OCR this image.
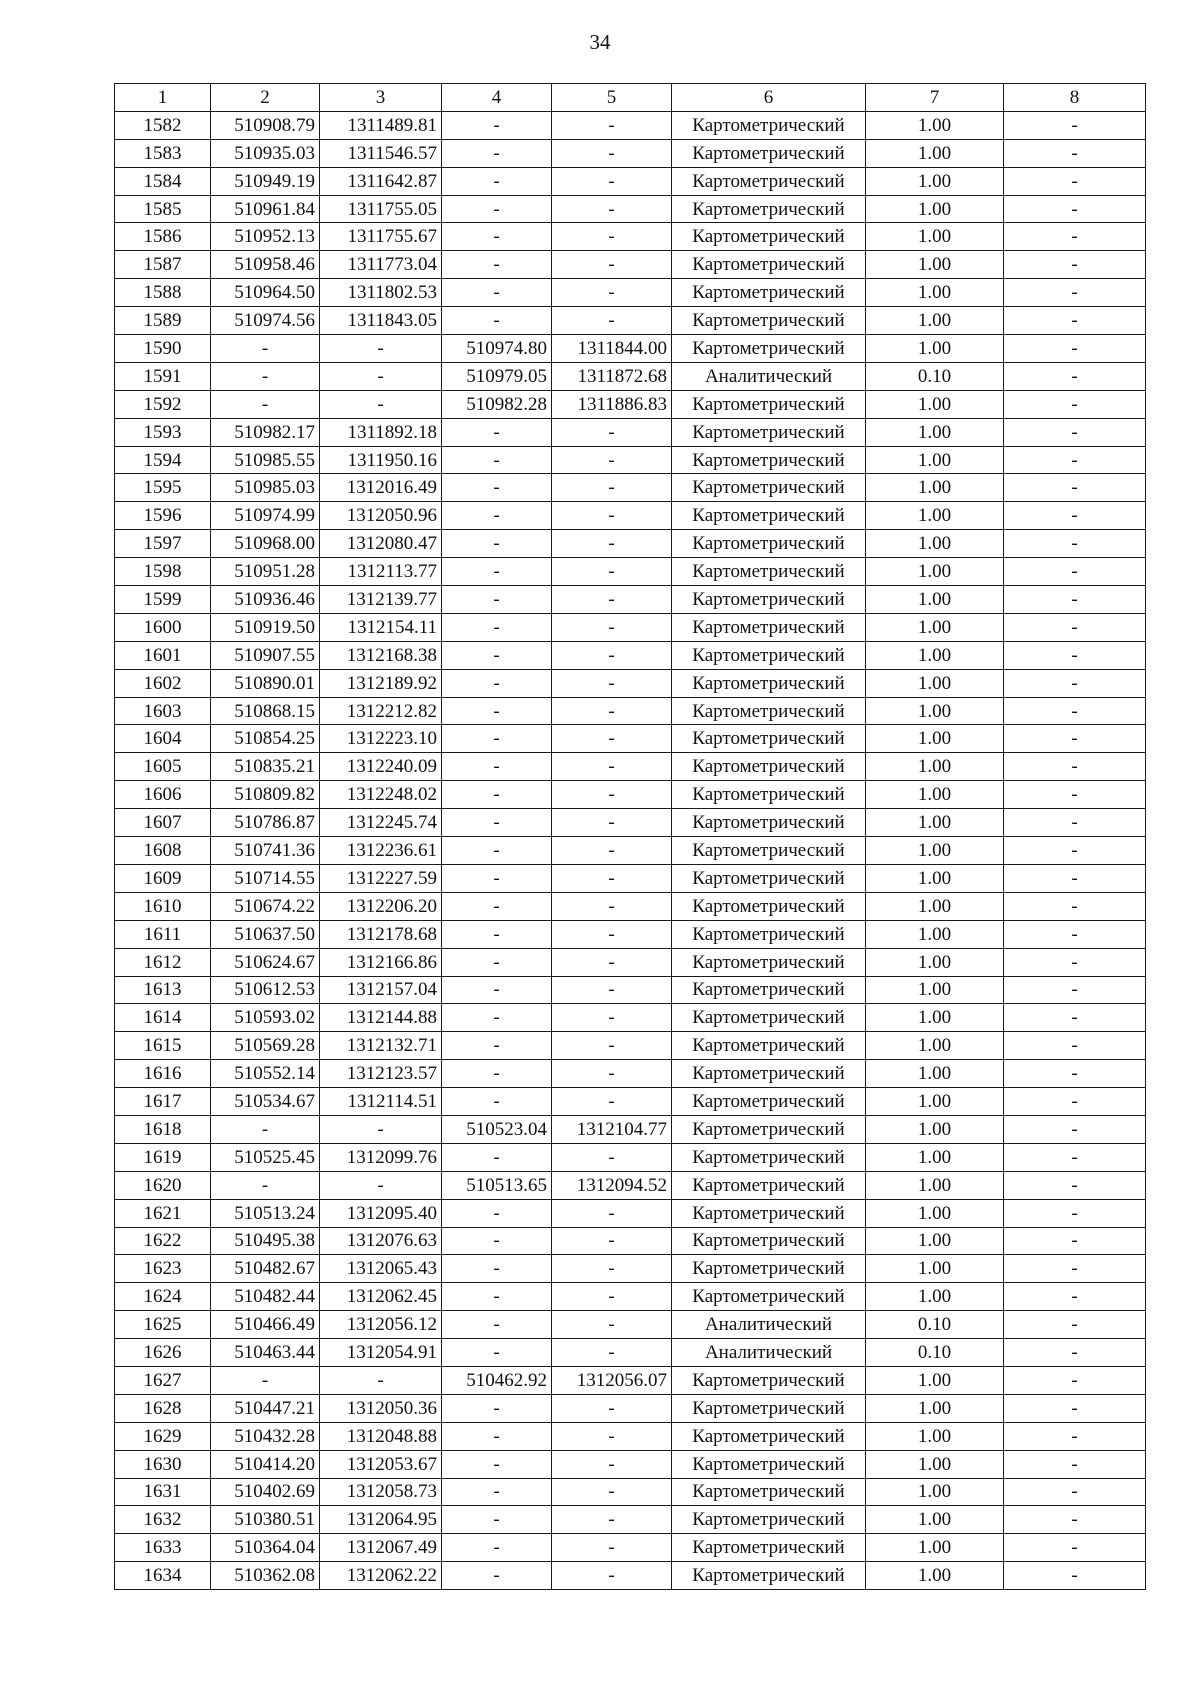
34
1	2	3	4	5	6	7	8
1582	510908.79	1311489.81	-	-	Картометрический	1.00	-
1583	510935.03	1311546.57	-	-	Картометрический	1.00	-
1584	510949.19	1311642.87	-	-	Картометрический	1.00	-
1585	510961.84	1311755.05	-	-	Картометрический	1.00	-
1586	510952.13	1311755.67	-	-	Картометрический	1.00	-
1587	510958.46	1311773.04	-	-	Картометрический	1.00	-
1588	510964.50	1311802.53	-	-	Картометрический	1.00	-
1589	510974.56	1311843.05	-	-	Картометрический	1.00	-
1590	-	-	510974.80	1311844.00	Картометрический	1.00	-
1591	-	-	510979.05	1311872.68	Аналитический	0.10	-
1592	-	-	510982.28	1311886.83	Картометрический	1.00	-
1593	510982.17	1311892.18	-	-	Картометрический	1.00	-
1594	510985.55	1311950.16	-	-	Картометрический	1.00	-
1595	510985.03	1312016.49	-	-	Картометрический	1.00	-
1596	510974.99	1312050.96	-	-	Картометрический	1.00	-
1597	510968.00	1312080.47	-	-	Картометрический	1.00	-
1598	510951.28	1312113.77	-	-	Картометрический	1.00	-
1599	510936.46	1312139.77	-	-	Картометрический	1.00	-
1600	510919.50	1312154.11	-	-	Картометрический	1.00	-
1601	510907.55	1312168.38	-	-	Картометрический	1.00	-
1602	510890.01	1312189.92	-	-	Картометрический	1.00	-
1603	510868.15	1312212.82	-	-	Картометрический	1.00	-
1604	510854.25	1312223.10	-	-	Картометрический	1.00	-
1605	510835.21	1312240.09	-	-	Картометрический	1.00	-
1606	510809.82	1312248.02	-	-	Картометрический	1.00	-
1607	510786.87	1312245.74	-	-	Картометрический	1.00	-
1608	510741.36	1312236.61	-	-	Картометрический	1.00	-
1609	510714.55	1312227.59	-	-	Картометрический	1.00	-
1610	510674.22	1312206.20	-	-	Картометрический	1.00	-
1611	510637.50	1312178.68	-	-	Картометрический	1.00	-
1612	510624.67	1312166.86	-	-	Картометрический	1.00	-
1613	510612.53	1312157.04	-	-	Картометрический	1.00	-
1614	510593.02	1312144.88	-	-	Картометрический	1.00	-
1615	510569.28	1312132.71	-	-	Картометрический	1.00	-
1616	510552.14	1312123.57	-	-	Картометрический	1.00	-
1617	510534.67	1312114.51	-	-	Картометрический	1.00	-
1618	-	-	510523.04	1312104.77	Картометрический	1.00	-
1619	510525.45	1312099.76	-	-	Картометрический	1.00	-
1620	-	-	510513.65	1312094.52	Картометрический	1.00	-
1621	510513.24	1312095.40	-	-	Картометрический	1.00	-
1622	510495.38	1312076.63	-	-	Картометрический	1.00	-
1623	510482.67	1312065.43	-	-	Картометрический	1.00	-
1624	510482.44	1312062.45	-	-	Картометрический	1.00	-
1625	510466.49	1312056.12	-	-	Аналитический	0.10	-
1626	510463.44	1312054.91	-	-	Аналитический	0.10	-
1627	-	-	510462.92	1312056.07	Картометрический	1.00	-
1628	510447.21	1312050.36	-	-	Картометрический	1.00	-
1629	510432.28	1312048.88	-	-	Картометрический	1.00	-
1630	510414.20	1312053.67	-	-	Картометрический	1.00	-
1631	510402.69	1312058.73	-	-	Картометрический	1.00	-
1632	510380.51	1312064.95	-	-	Картометрический	1.00	-
1633	510364.04	1312067.49	-	-	Картометрический	1.00	-
1634	510362.08	1312062.22	-	-	Картометрический	1.00	-
